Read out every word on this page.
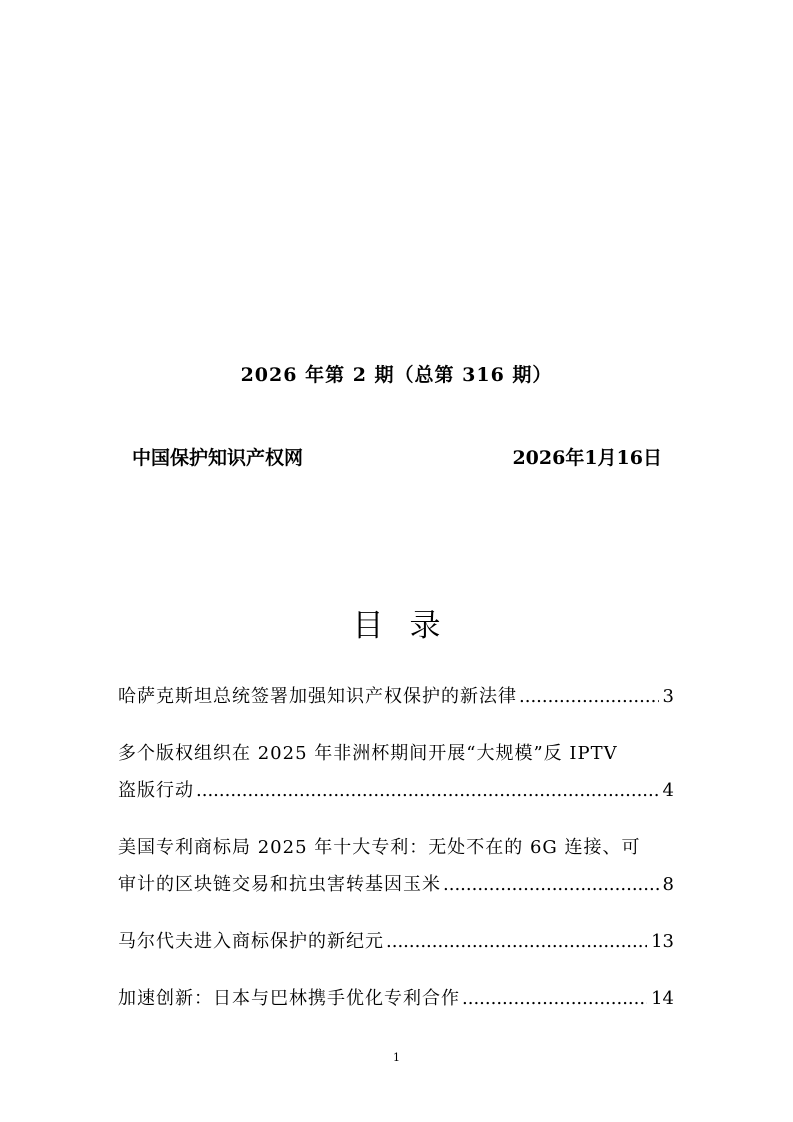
2026 年第 2 期（总第 316 期）
中国保护知识产权网	2026年1月16日
目录
哈萨克斯坦总统签署加强知识产权保护的新法律 .....	3
多个版权组织在 2025 年非洲杯期间开展“大规模”反 IPTV
盗版行动 .....	4
美国专利商标局 2025 年十大专利：无处不在的 6G 连接、可
审计的区块链交易和抗虫害转基因玉米 .....	8
马尔代夫进入商标保护的新纪元 .....	13
加速创新：日本与巴林携手优化专利合作 .....	14
1
